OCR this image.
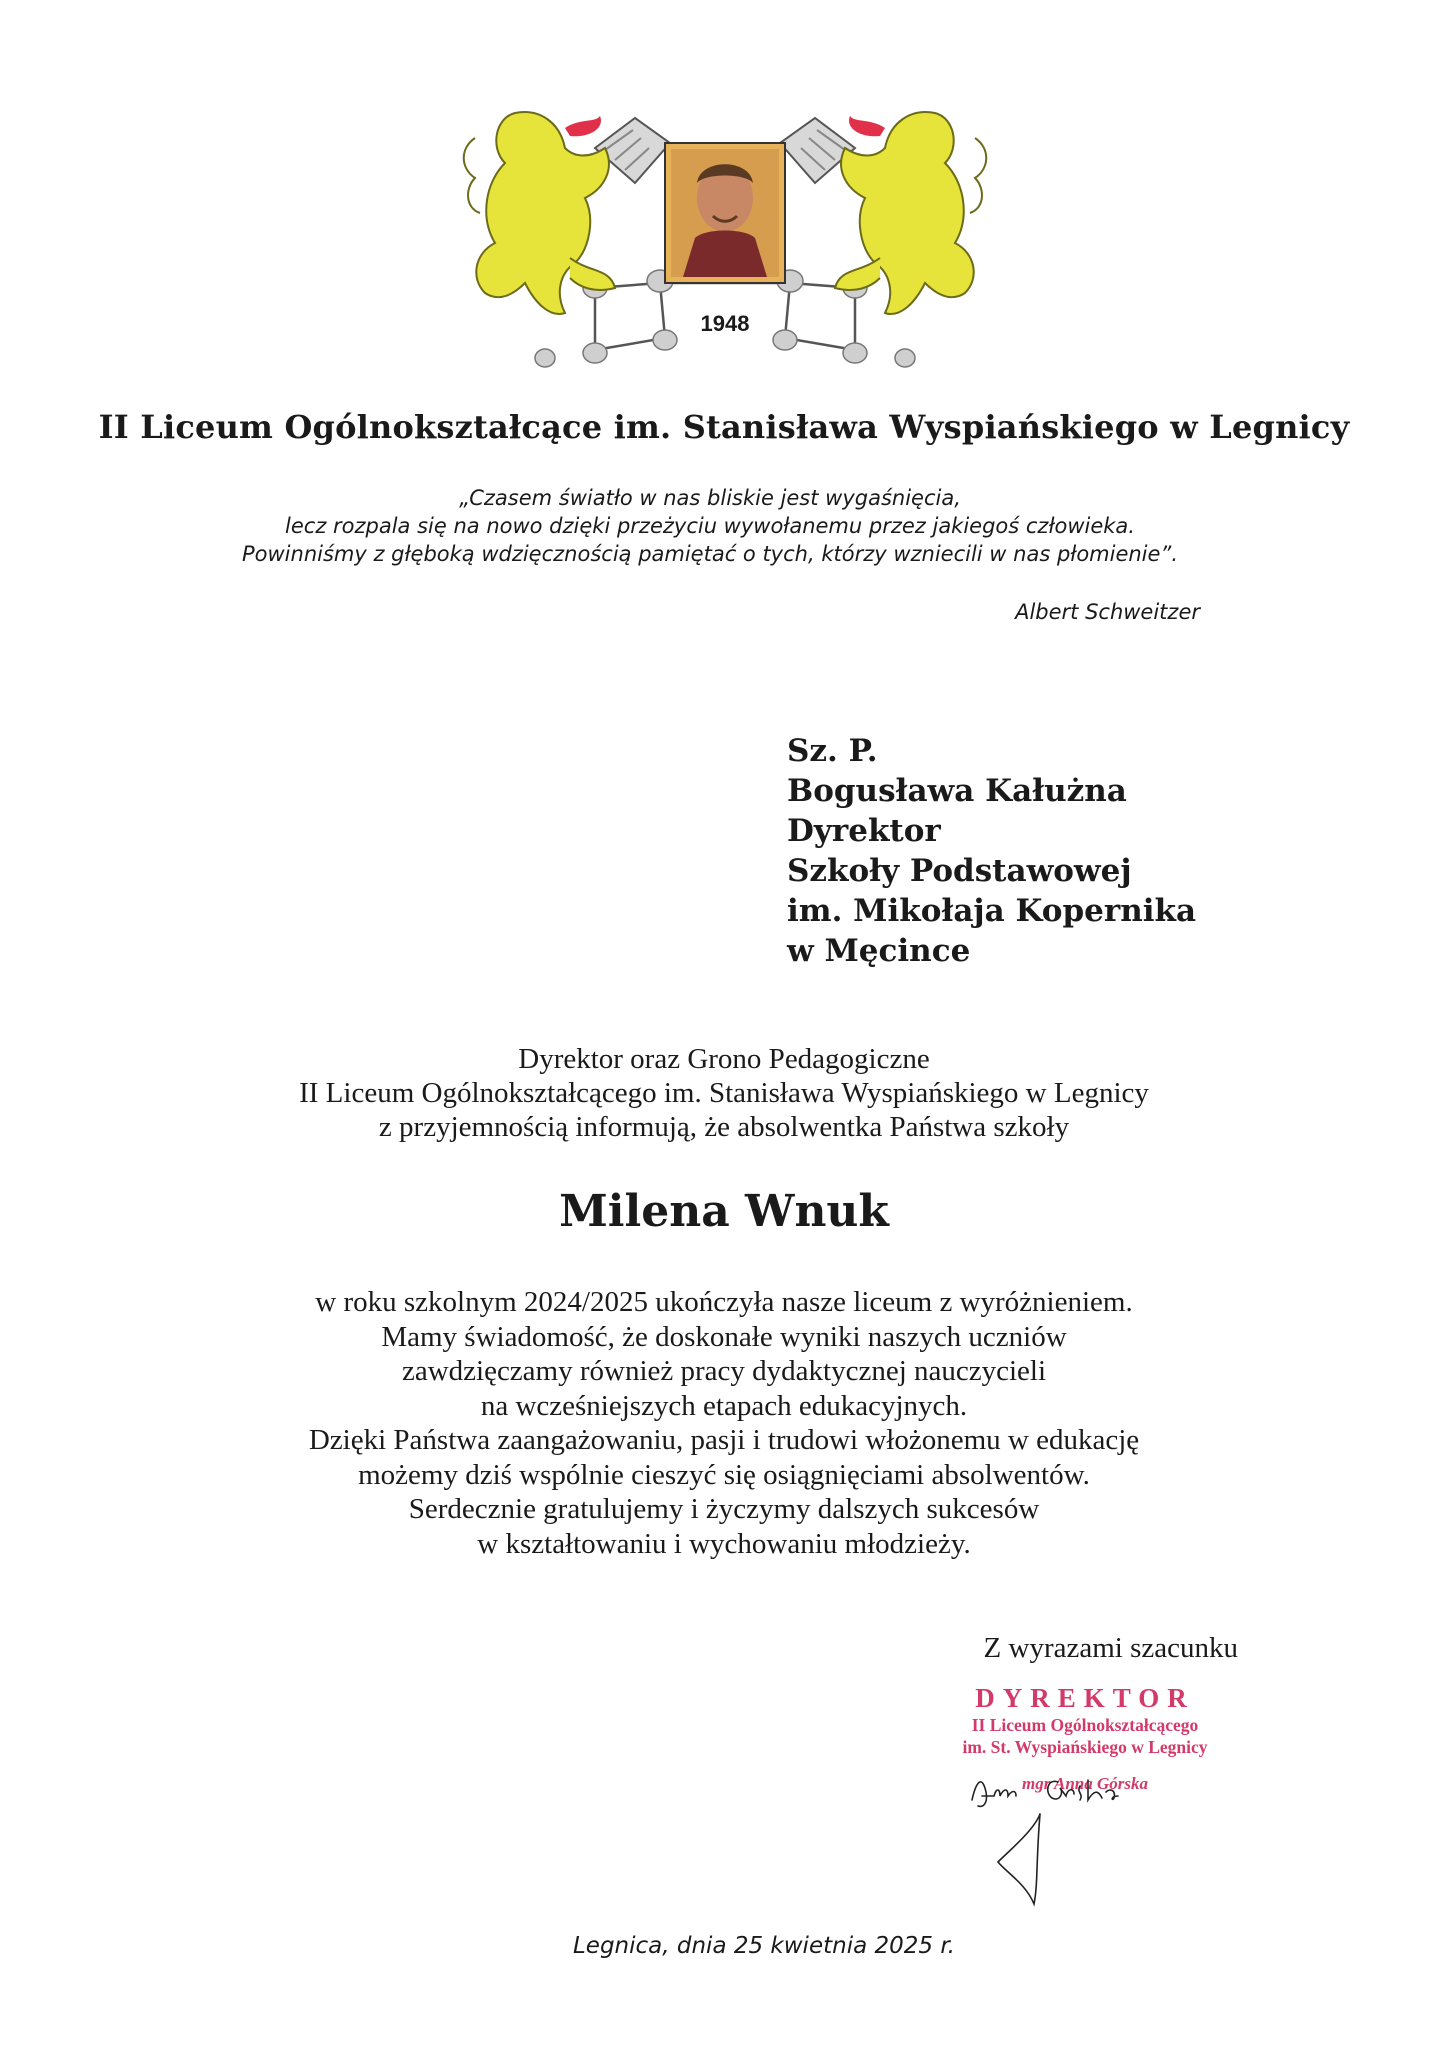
1948
II Liceum Ogólnokształcące im. Stanisława Wyspiańskiego w Legnicy
„Czasem światło w nas bliskie jest wygaśnięcia,
lecz rozpala się na nowo dzięki przeżyciu wywołanemu przez jakiegoś człowieka.
Powinniśmy z głęboką wdzięcznością pamiętać o tych, którzy wzniecili w nas płomienie”.
Albert Schweitzer
Sz. P.
Bogusława Kałużna
Dyrektor
Szkoły Podstawowej
im. Mikołaja Kopernika
w Męcince
Dyrektor oraz Grono Pedagogiczne
II Liceum Ogólnokształcącego im. Stanisława Wyspiańskiego w Legnicy
z przyjemnością informują, że absolwentka Państwa szkoły
Milena Wnuk
w roku szkolnym 2024/2025 ukończyła nasze liceum z wyróżnieniem.
Mamy świadomość, że doskonałe wyniki naszych uczniów
zawdzięczamy również pracy dydaktycznej nauczycieli
na wcześniejszych etapach edukacyjnych.
Dzięki Państwa zaangażowaniu, pasji i trudowi włożonemu w edukację
możemy dziś wspólnie cieszyć się osiągnięciami absolwentów.
Serdecznie gratulujemy i życzymy dalszych sukcesów
w kształtowaniu i wychowaniu młodzieży.
Z wyrazami szacunku
DYREKTOR
II Liceum Ogólnokształcącego
im. St. Wyspiańskiego w Legnicy
mgr Anna Górska
Legnica, dnia 25 kwietnia 2025 r.
